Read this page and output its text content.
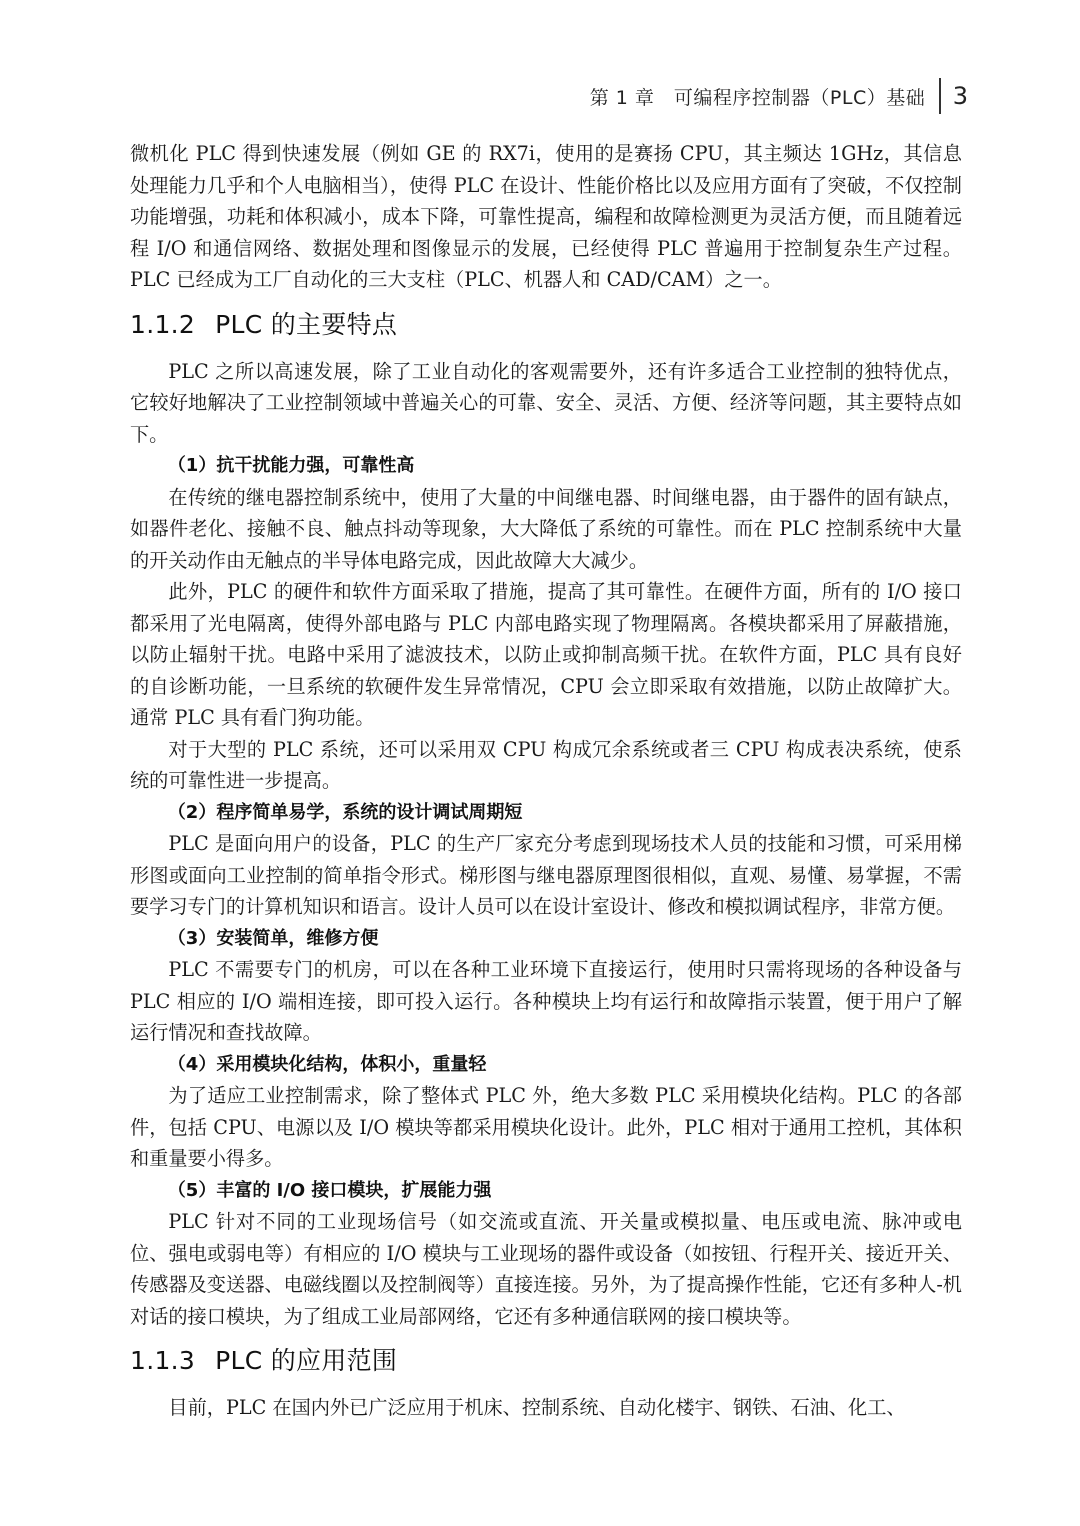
第 1 章　可编程序控制器（PLC）基础	3

微机化 PLC 得到快速发展（例如 GE 的 RX7i，使用的是赛扬 CPU，其主频达 1GHz，其信息处理能力几乎和个人电脑相当），使得 PLC 在设计、性能价格比以及应用方面有了突破，不仅控制功能增强，功耗和体积减小，成本下降，可靠性提高，编程和故障检测更为灵活方便，而且随着远程 I/O 和通信网络、数据处理和图像显示的发展，已经使得 PLC 普遍用于控制复杂生产过程。PLC 已经成为工厂自动化的三大支柱（PLC、机器人和 CAD/CAM）之一。

1.1.2 PLC 的主要特点

PLC 之所以高速发展，除了工业自动化的客观需要外，还有许多适合工业控制的独特优点，它较好地解决了工业控制领域中普遍关心的可靠、安全、灵活、方便、经济等问题，其主要特点如下。

（1）抗干扰能力强，可靠性高

在传统的继电器控制系统中，使用了大量的中间继电器、时间继电器，由于器件的固有缺点，如器件老化、接触不良、触点抖动等现象，大大降低了系统的可靠性。而在 PLC 控制系统中大量的开关动作由无触点的半导体电路完成，因此故障大大减少。

此外，PLC 的硬件和软件方面采取了措施，提高了其可靠性。在硬件方面，所有的 I/O 接口都采用了光电隔离，使得外部电路与 PLC 内部电路实现了物理隔离。各模块都采用了屏蔽措施，以防止辐射干扰。电路中采用了滤波技术，以防止或抑制高频干扰。在软件方面，PLC 具有良好的自诊断功能，一旦系统的软硬件发生异常情况，CPU 会立即采取有效措施，以防止故障扩大。通常 PLC 具有看门狗功能。

对于大型的 PLC 系统，还可以采用双 CPU 构成冗余系统或者三 CPU 构成表决系统，使系统的可靠性进一步提高。

（2）程序简单易学，系统的设计调试周期短

PLC 是面向用户的设备，PLC 的生产厂家充分考虑到现场技术人员的技能和习惯，可采用梯形图或面向工业控制的简单指令形式。梯形图与继电器原理图很相似，直观、易懂、易掌握，不需要学习专门的计算机知识和语言。设计人员可以在设计室设计、修改和模拟调试程序，非常方便。

（3）安装简单，维修方便

PLC 不需要专门的机房，可以在各种工业环境下直接运行，使用时只需将现场的各种设备与 PLC 相应的 I/O 端相连接，即可投入运行。各种模块上均有运行和故障指示装置，便于用户了解运行情况和查找故障。

（4）采用模块化结构，体积小，重量轻

为了适应工业控制需求，除了整体式 PLC 外，绝大多数 PLC 采用模块化结构。PLC 的各部件，包括 CPU、电源以及 I/O 模块等都采用模块化设计。此外，PLC 相对于通用工控机，其体积和重量要小得多。

（5）丰富的 I/O 接口模块，扩展能力强

PLC 针对不同的工业现场信号（如交流或直流、开关量或模拟量、电压或电流、脉冲或电位、强电或弱电等）有相应的 I/O 模块与工业现场的器件或设备（如按钮、行程开关、接近开关、传感器及变送器、电磁线圈以及控制阀等）直接连接。另外，为了提高操作性能，它还有多种人-机对话的接口模块，为了组成工业局部网络，它还有多种通信联网的接口模块等。

1.1.3 PLC 的应用范围

目前，PLC 在国内外已广泛应用于机床、控制系统、自动化楼宇、钢铁、石油、化工、
